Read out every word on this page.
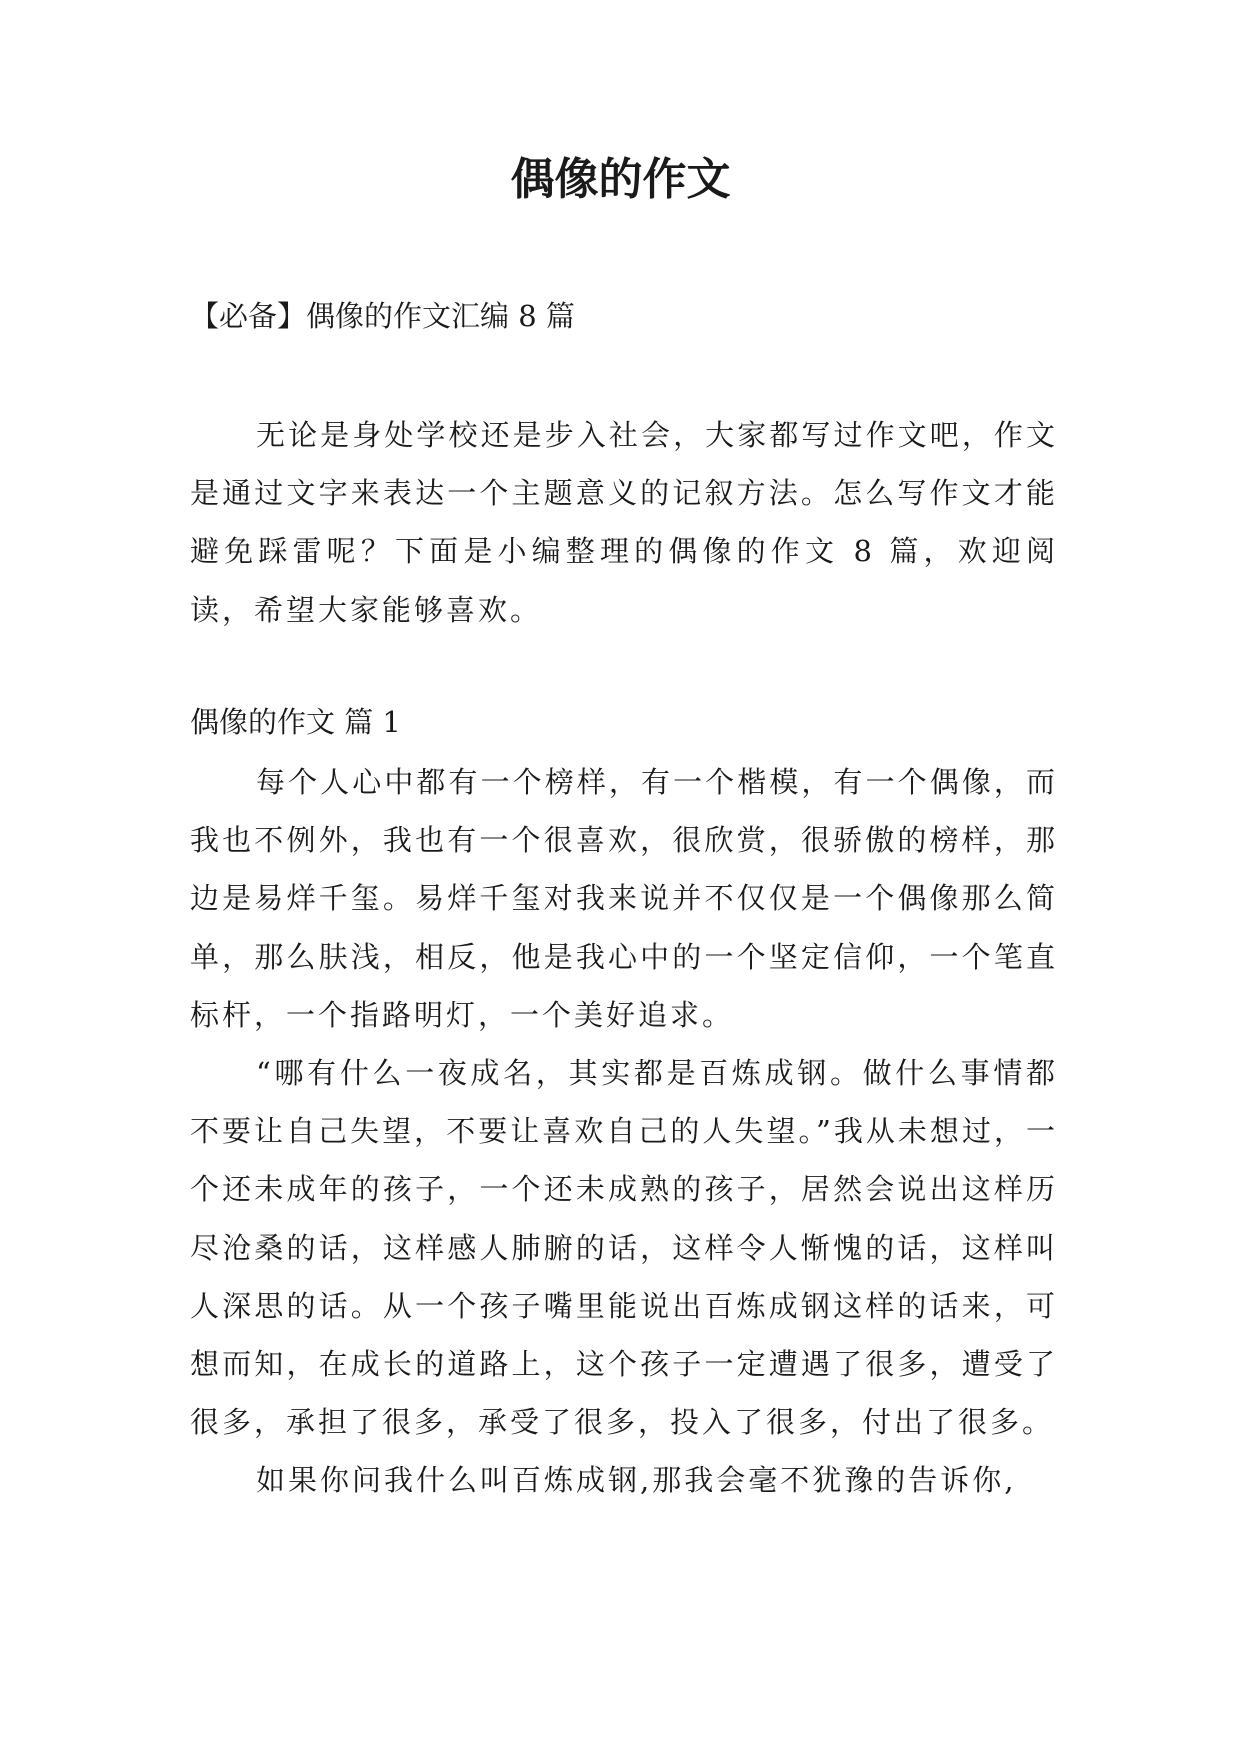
偶像的作文

【必备】偶像的作文汇编 8 篇

无论是身处学校还是步入社会，大家都写过作文吧，作文是通过文字来表达一个主题意义的记叙方法。怎么写作文才能避免踩雷呢？下面是小编整理的偶像的作文 8 篇，欢迎阅读，希望大家能够喜欢。

偶像的作文 篇 1

每个人心中都有一个榜样，有一个楷模，有一个偶像，而我也不例外，我也有一个很喜欢，很欣赏，很骄傲的榜样，那边是易烊千玺。易烊千玺对我来说并不仅仅是一个偶像那么简单，那么肤浅，相反，他是我心中的一个坚定信仰，一个笔直标杆，一个指路明灯，一个美好追求。

“哪有什么一夜成名，其实都是百炼成钢。做什么事情都不要让自己失望，不要让喜欢自己的人失望。”我从未想过，一个还未成年的孩子，一个还未成熟的孩子，居然会说出这样历尽沧桑的话，这样感人肺腑的话，这样令人惭愧的话，这样叫人深思的话。从一个孩子嘴里能说出百炼成钢这样的话来，可想而知，在成长的道路上，这个孩子一定遭遇了很多，遭受了很多，承担了很多，承受了很多，投入了很多，付出了很多。

如果你问我什么叫百炼成钢,那我会毫不犹豫的告诉你,
